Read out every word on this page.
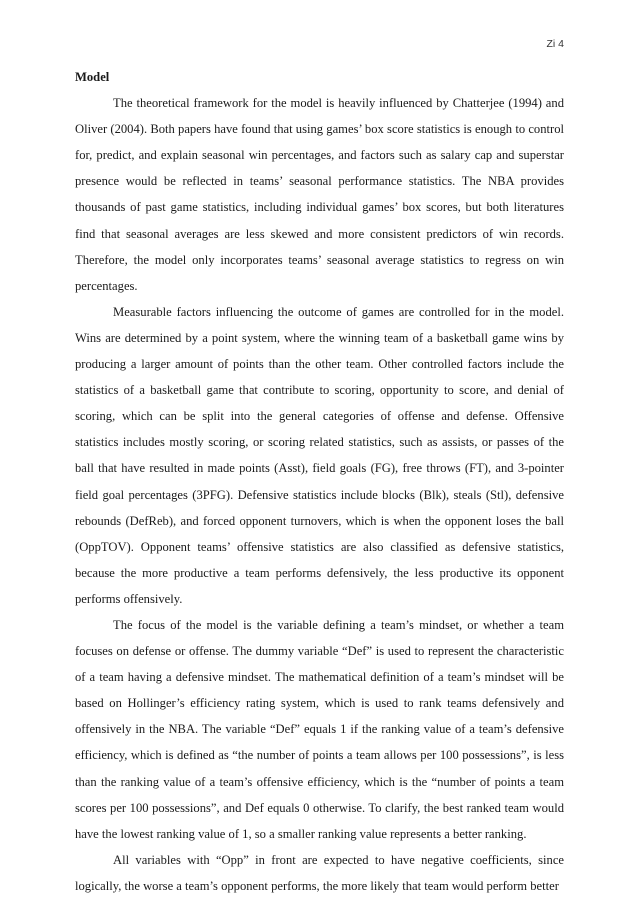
Zi 4

Model

The theoretical framework for the model is heavily influenced by Chatterjee (1994) and Oliver (2004). Both papers have found that using games’ box score statistics is enough to control for, predict, and explain seasonal win percentages, and factors such as salary cap and superstar presence would be reflected in teams’ seasonal performance statistics. The NBA provides thousands of past game statistics, including individual games’ box scores, but both literatures find that seasonal averages are less skewed and more consistent predictors of win records. Therefore, the model only incorporates teams’ seasonal average statistics to regress on win percentages.

Measurable factors influencing the outcome of games are controlled for in the model. Wins are determined by a point system, where the winning team of a basketball game wins by producing a larger amount of points than the other team. Other controlled factors include the statistics of a basketball game that contribute to scoring, opportunity to score, and denial of scoring, which can be split into the general categories of offense and defense. Offensive statistics includes mostly scoring, or scoring related statistics, such as assists, or passes of the ball that have resulted in made points (Asst), field goals (FG), free throws (FT), and 3-pointer field goal percentages (3PFG). Defensive statistics include blocks (Blk), steals (Stl), defensive rebounds (DefReb), and forced opponent turnovers, which is when the opponent loses the ball (OppTOV). Opponent teams’ offensive statistics are also classified as defensive statistics, because the more productive a team performs defensively, the less productive its opponent performs offensively.

The focus of the model is the variable defining a team’s mindset, or whether a team focuses on defense or offense. The dummy variable “Def” is used to represent the characteristic of a team having a defensive mindset. The mathematical definition of a team’s mindset will be based on Hollinger’s efficiency rating system, which is used to rank teams defensively and offensively in the NBA. The variable “Def” equals 1 if the ranking value of a team’s defensive efficiency, which is defined as “the number of points a team allows per 100 possessions”, is less than the ranking value of a team’s offensive efficiency, which is the “number of points a team scores per 100 possessions”, and Def equals 0 otherwise. To clarify, the best ranked team would have the lowest ranking value of 1, so a smaller ranking value represents a better ranking.

All variables with “Opp” in front are expected to have negative coefficients, since logically, the worse a team’s opponent performs, the more likely that team would perform better
